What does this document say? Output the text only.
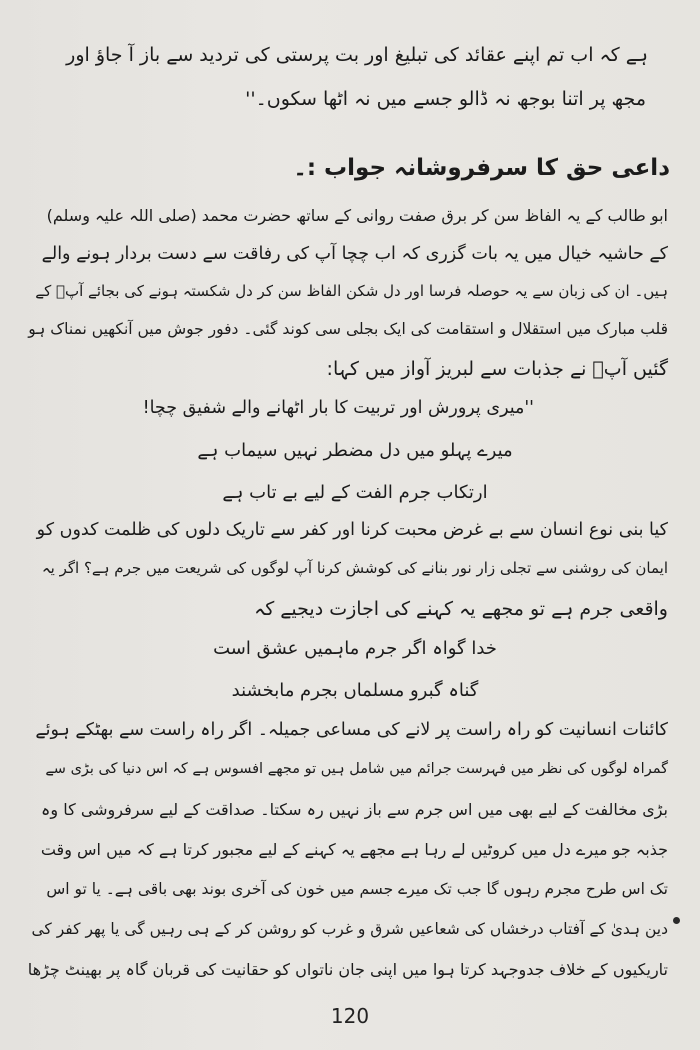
ہے کہ اب تم اپنے عقائد کی تبلیغ اور بت پرستی کی تردید سے باز آ جاؤ اور
مجھ پر اتنا بوجھ نہ ڈالو جسے میں نہ اٹھا سکوں۔''
داعی حق کا سرفروشانہ جواب :۔
ابو طالب کے یہ الفاظ سن کر برق صفت روانی کے ساتھ حضرت محمد (صلی اللہ علیہ وسلم)
کے حاشیہ خیال میں یہ بات گزری کہ اب چچا آپ کی رفاقت سے دست بردار ہونے والے
ہیں۔ ان کی زبان سے یہ حوصلہ فرسا اور دل شکن الفاظ سن کر دل شکستہ ہونے کی بجائے آپؐ کے
قلب مبارک میں استقلال و استقامت کی ایک بجلی سی کوند گئی۔ دفور جوش میں آنکھیں نمناک ہو
گئیں آپؐ نے جذبات سے لبریز آواز میں کہا:
''میری پرورش اور تربیت کا بار اٹھانے والے شفیق چچا!
میرے پہلو میں دل مضطر نہیں سیماب ہے
ارتکاب جرم الفت کے لیے بے تاب ہے
کیا بنی نوع انسان سے بے غرض محبت کرنا اور کفر سے تاریک دلوں کی ظلمت کدوں کو
ایمان کی روشنی سے تجلی زار نور بنانے کی کوشش کرنا آپ لوگوں کی شریعت میں جرم ہے؟ اگر یہ
واقعی جرم ہے تو مجھے یہ کہنے کی اجازت دیجیے کہ
خدا گواہ اگر جرم ماہمیں عشق است
گناہ گبرو مسلماں بجرم مابخشند
کائنات انسانیت کو راہ راست پر لانے کی مساعی جمیلہ۔ اگر راہ راست سے بھٹکے ہوئے
گمراہ لوگوں کی نظر میں فہرست جرائم میں شامل ہیں تو مجھے افسوس ہے کہ اس دنیا کی بڑی سے
بڑی مخالفت کے لیے بھی میں اس جرم سے باز نہیں رہ سکتا۔ صداقت کے لیے سرفروشی کا وہ
جذبہ جو میرے دل میں کروٹیں لے رہا ہے مجھے یہ کہنے کے لیے مجبور کرتا ہے کہ میں اس وقت
تک اس طرح مجرم رہوں گا جب تک میرے جسم میں خون کی آخری بوند بھی باقی ہے۔ یا تو اس
دین ہدیٰ کے آفتاب درخشاں کی شعاعیں شرق و غرب کو روشن کر کے ہی رہیں گی یا پھر کفر کی
تاریکیوں کے خلاف جدوجہد کرتا ہوا میں اپنی جان ناتواں کو حقانیت کی قربان گاہ پر بھینٹ چڑھا
120
